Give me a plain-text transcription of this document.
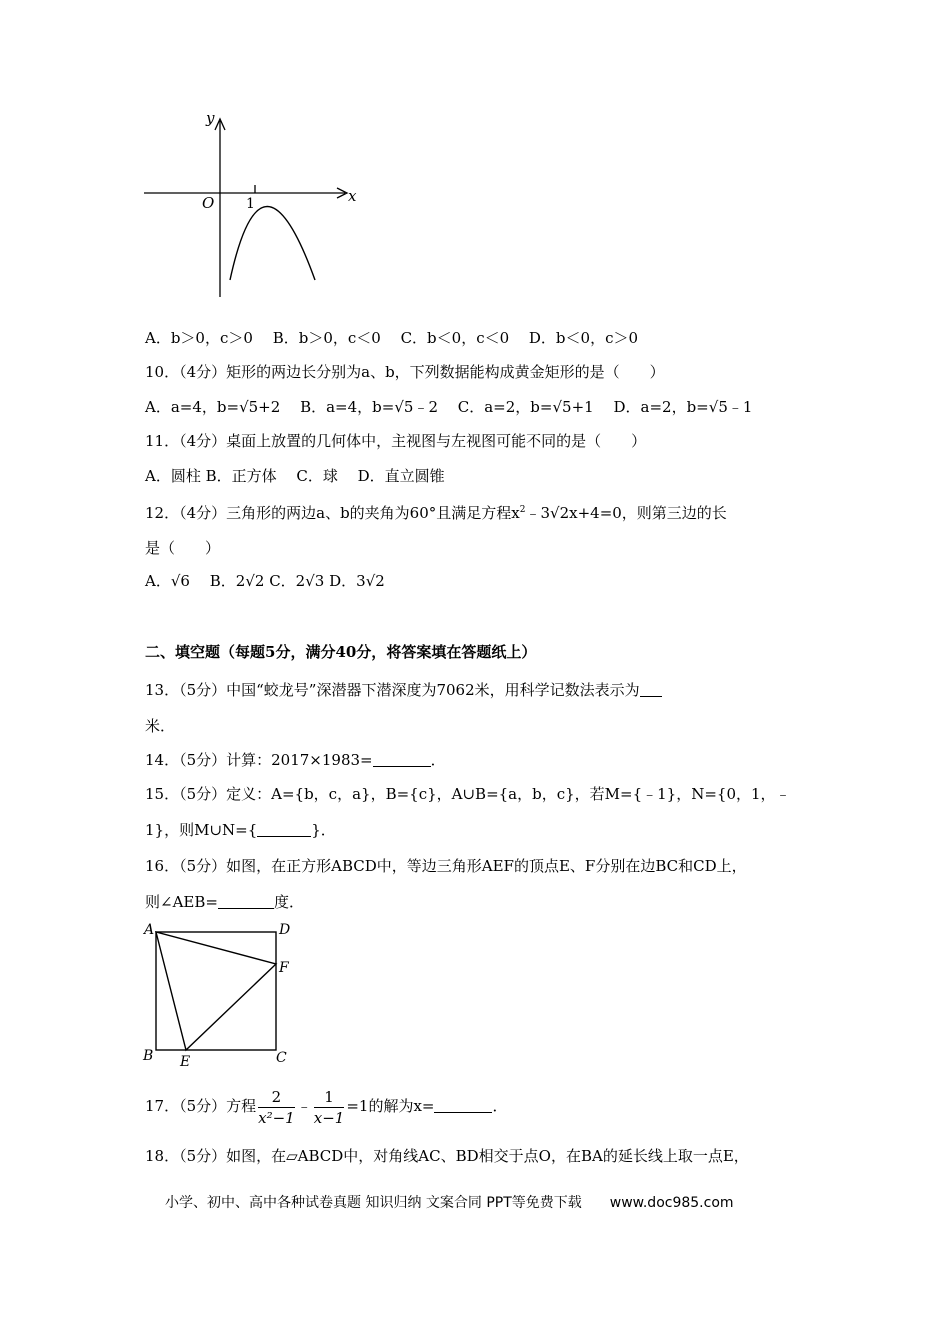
y
x
O 1
A．b＞0，c＞0　 B．b＞0，c＜0　 C．b＜0，c＜0　 D．b＜0，c＞0
10．（4分）矩形的两边长分别为a、b，下列数据能构成黄金矩形的是（　　）
A．a=4，b=√5+2　 B．a=4，b=√5﹣2　 C．a=2，b=√5+1　 D．a=2，b=√5﹣1
11．（4分）桌面上放置的几何体中，主视图与左视图可能不同的是（　　）
A．圆柱 B．正方体　 C．球　 D．直立圆锥
12．（4分）三角形的两边a、b的夹角为60°且满足方程$x^2﹣3√2x+4=0$，则第三边的长
是（　　）
A．√6 　B．2√2 C．2√3 D．3√2
二、填空题（每题5分，满分40分，将答案填在答题纸上）
13．（5分）中国“蛟龙号”深潜器下潜深度为7062米，用科学记数法表示为
米．
14．（5分）计算：2017×1983=	．
15．（5分）定义：A={b，c，a}，B={c}，A∪B={a，b，c}，若M={﹣1}，N={0，1，﹣
1}，则M∪N={	}．
16．（5分）如图，在正方形ABCD中，等边三角形AEF的顶点E、F分别在边BC和CD上，
则∠AEB=	度．
A	D
F
B E	C
17．（5分）方程 $\frac{2}{\text{x²−1}}$ ﹣ $\frac{1}{x-1} =1$的解为x=	．
18．（5分）如图，在▱ABCD中，对角线AC、BD相交于点O，在BA的延长线上取一点E，
小学、初中、高中各种试卷真题 知识归纳 文案合同 PPT等免费下载　　www.doc985.com
